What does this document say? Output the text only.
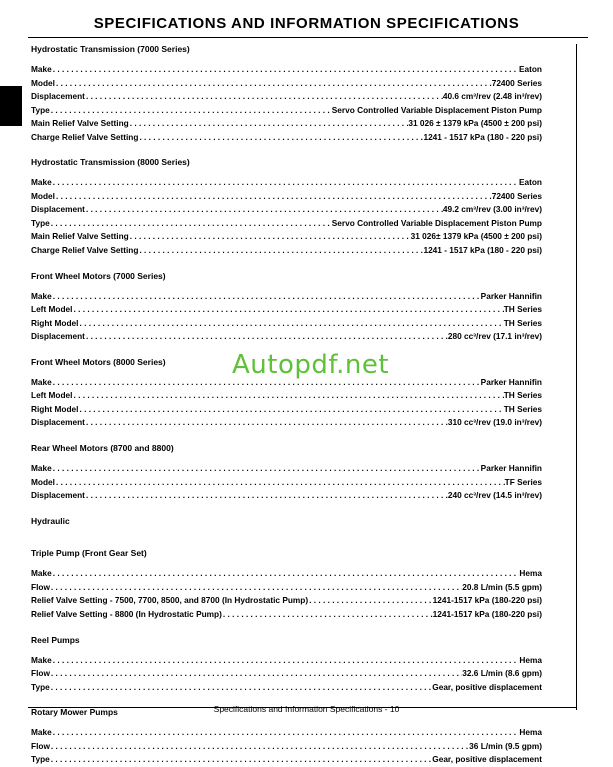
SPECIFICATIONS AND INFORMATION SPECIFICATIONS
Hydrostatic Transmission (7000 Series)
Make . . .	Eaton
Model . . .	72400 Series
Displacement . . .	40.6 cm³/rev (2.48 in³/rev)
Type . . .	Servo Controlled Variable Displacement Piston Pump
Main Relief Valve Setting . . .	31 026 ± 1379 kPa (4500 ± 200 psi)
Charge Relief Valve Setting . . .	1241 - 1517 kPa (180 - 220 psi)
Hydrostatic Transmission (8000 Series)
Make . . .	Eaton
Model . . .	72400 Series
Displacement . . .	49.2 cm³/rev (3.00 in³/rev)
Type . . .	Servo Controlled Variable Displacement Piston Pump
Main Relief Valve Setting . . .	31 026± 1379 kPa (4500 ± 200 psi)
Charge Relief Valve Setting . . .	1241 - 1517 kPa (180 - 220 psi)
Front Wheel Motors (7000 Series)
Make . . .	Parker Hannifin
Left Model . . .	TH Series
Right Model . . .	TH Series
Displacement . . .	280 cc³/rev (17.1 in³/rev)
Front Wheel Motors (8000 Series)
Make . . .	Parker Hannifin
Left Model . . .	TH Series
Right Model . . .	TH Series
Displacement . . .	310 cc³/rev (19.0 in³/rev)
Rear Wheel Motors (8700 and 8800)
Make . . .	Parker Hannifin
Model . . .	TF Series
Displacement . . .	240 cc³/rev (14.5 in³/rev)
Hydraulic
Triple Pump (Front Gear Set)
Make . . .	Hema
Flow . . .	20.8 L/min (5.5 gpm)
Relief Valve Setting - 7500, 7700, 8500, and 8700 (In Hydrostatic Pump) . . .	1241-1517 kPa (180-220 psi)
Relief Valve Setting - 8800 (In Hydrostatic Pump) . . .	1241-1517 kPa (180-220 psi)
Reel Pumps
Make . . .	Hema
Flow . . .	32.6 L/min (8.6 gpm)
Type . . .	Gear, positive displacement
Rotary Mower Pumps
Make . . .	Hema
Flow . . .	36 L/min (9.5 gpm)
Type . . .	Gear, positive displacement
Autopdf.net
Specifications and Information Specifications - 10
